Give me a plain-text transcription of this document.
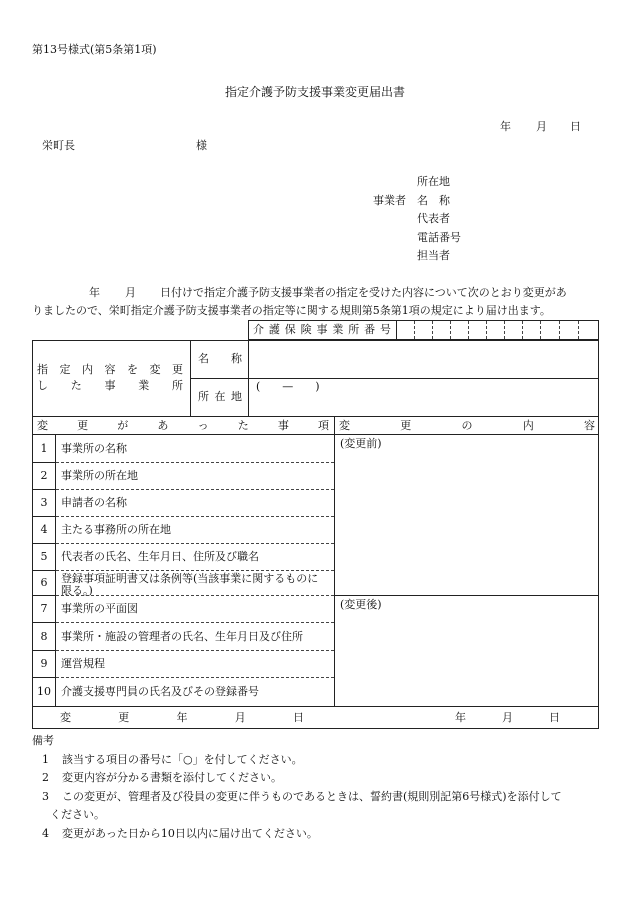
第13号様式(第5条第1項)
指定介護予防支援事業変更届出書
年 月 日
栄町長	様
事業者
所在地
名　称
代表者
電話番号
担当者
年 月 日付けで指定介護予防支援事業者の指定を受けた内容について次のとおり変更があ
りましたので、栄町指定介護予防支援事業者の指定等に関する規則第5条第1項の規定により届け出ます。
介 護 保 険 事 業 所 番 号
指 定 内 容 を 変 更
し た 事 業 所
名 称
所 在 地
(　　—　　)
変	更	が	あ	っ	た	事	項 変	更	の	内	容
1	事業所の名称
2	事業所の所在地
3	申請者の名称
4	主たる事務所の所在地
5	代表者の氏名、生年月日、住所及び職名
6	登録事項証明書又は条例等(当該事業に関するものに
限る。)
7	事業所の平面図
8	事業所・施設の管理者の氏名、生年月日及び住所
9	運営規程
10 介護支援専門員の氏名及びその登録番号
(変更前)
(変更後)
変	更	年	月	日	年	月	日
備考
1 該当する項目の番号に「○」を付してください。
2 変更内容が分かる書類を添付してください。
3 この変更が、管理者及び役員の変更に伴うものであるときは、誓約書(規則別記第6号様式)を添付して
ください。
4 変更があった日から10日以内に届け出てください。
